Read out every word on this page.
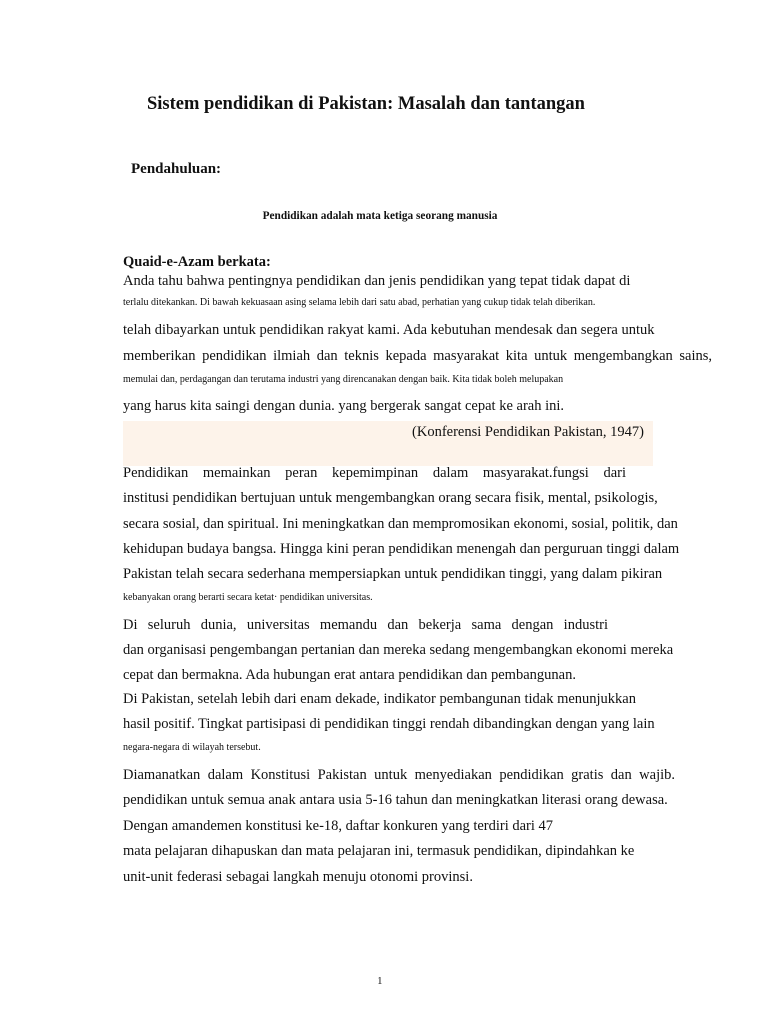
Sistem pendidikan di Pakistan: Masalah dan tantangan
Pendahuluan:
Pendidikan adalah mata ketiga seorang manusia
Quaid-e-Azam berkata:
Anda tahu bahwa pentingnya pendidikan dan jenis pendidikan yang tepat tidak dapat di
terlalu ditekankan. Di bawah kekuasaan asing selama lebih dari satu abad, perhatian yang cukup tidak telah diberikan.
telah dibayarkan untuk pendidikan rakyat kami. Ada kebutuhan mendesak dan segera untuk
memberikan pendidikan ilmiah dan teknis kepada masyarakat kita untuk mengembangkan sains,
memulai dan, perdagangan dan terutama industri yang direncanakan dengan baik. Kita tidak boleh melupakan
yang harus kita saingi dengan dunia. yang bergerak sangat cepat ke arah ini.
(Konferensi Pendidikan Pakistan, 1947)
Pendidikan memainkan peran kepemimpinan dalam masyarakat.fungsi dari
institusi pendidikan bertujuan untuk mengembangkan orang secara fisik, mental, psikologis,
secara sosial, dan spiritual. Ini meningkatkan dan mempromosikan ekonomi, sosial, politik, dan
kehidupan budaya bangsa. Hingga kini peran pendidikan menengah dan perguruan tinggi dalam
Pakistan telah secara sederhana mempersiapkan untuk pendidikan tinggi, yang dalam pikiran
kebanyakan orang berarti secara ketat· pendidikan universitas.
Di seluruh dunia, universitas memandu dan bekerja sama dengan industri
dan organisasi pengembangan pertanian dan mereka sedang mengembangkan ekonomi mereka
cepat dan bermakna. Ada hubungan erat antara pendidikan dan pembangunan.
Di Pakistan, setelah lebih dari enam dekade, indikator pembangunan tidak menunjukkan
hasil positif. Tingkat partisipasi di pendidikan tinggi rendah dibandingkan dengan yang lain
negara-negara di wilayah tersebut.
Diamanatkan dalam Konstitusi Pakistan untuk menyediakan pendidikan gratis dan wajib.
pendidikan untuk semua anak antara usia 5-16 tahun dan meningkatkan literasi orang dewasa.
Dengan amandemen konstitusi ke-18, daftar konkuren yang terdiri dari 47
mata pelajaran dihapuskan dan mata pelajaran ini, termasuk pendidikan, dipindahkan ke
unit-unit federasi sebagai langkah menuju otonomi provinsi.
1
